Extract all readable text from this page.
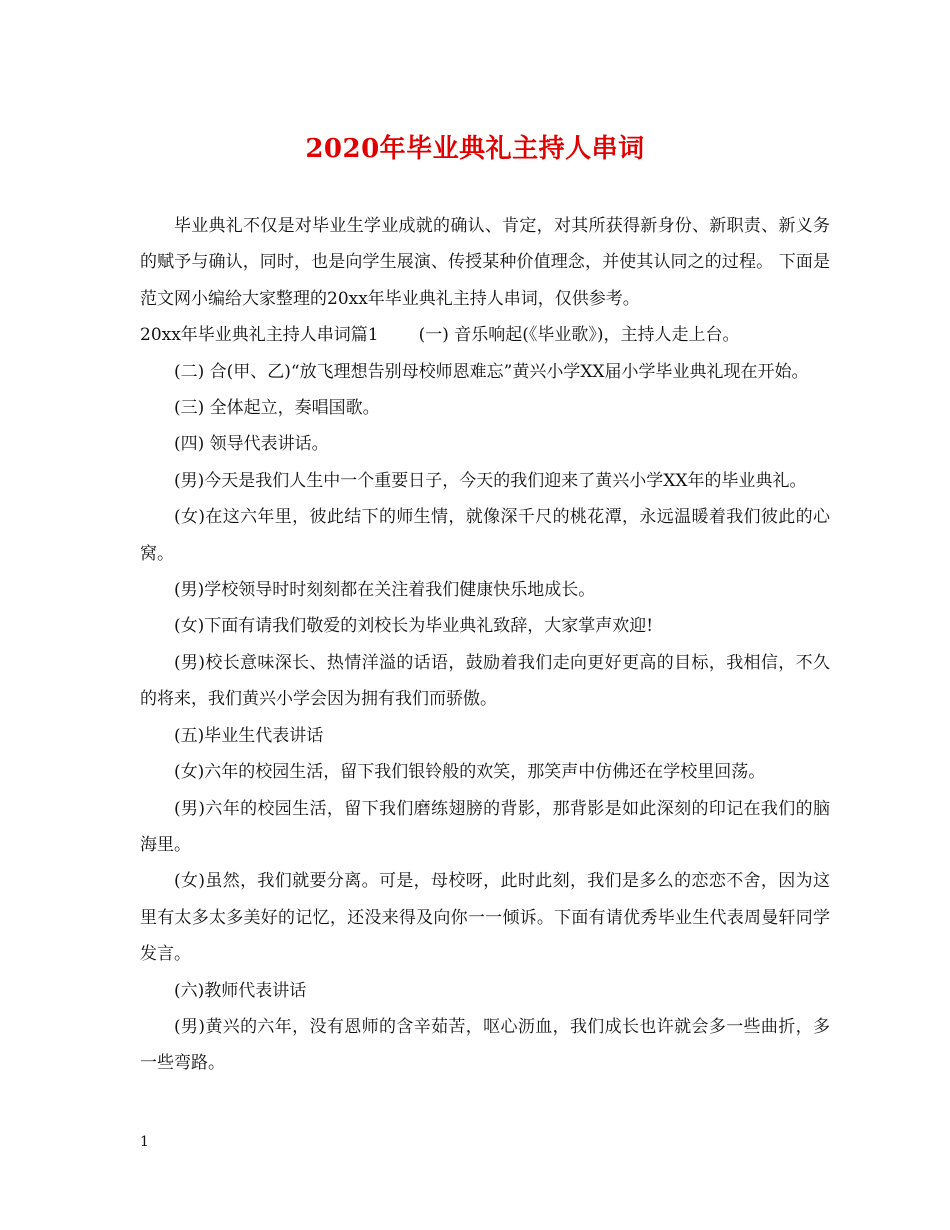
2020年毕业典礼主持人串词

毕业典礼不仅是对毕业生学业成就的确认、肯定，对其所获得新身份、新职责、新义务的赋予与确认，同时，也是向学生展演、传授某种价值理念，并使其认同之的过程。 下面是范文网小编给大家整理的20xx年毕业典礼主持人串词，仅供参考。

20xx年毕业典礼主持人串词篇1 (一) 音乐响起(《毕业歌》)，主持人走上台。

(二) 合(甲、乙)“放飞理想告别母校师恩难忘”黄兴小学XX届小学毕业典礼现在开始。

(三) 全体起立，奏唱国歌。

(四) 领导代表讲话。

(男)今天是我们人生中一个重要日子，今天的我们迎来了黄兴小学XX年的毕业典礼。

(女)在这六年里，彼此结下的师生情，就像深千尺的桃花潭，永远温暖着我们彼此的心窝。

(男)学校领导时时刻刻都在关注着我们健康快乐地成长。

(女)下面有请我们敬爱的刘校长为毕业典礼致辞，大家掌声欢迎!

(男)校长意味深长、热情洋溢的话语，鼓励着我们走向更好更高的目标，我相信，不久的将来，我们黄兴小学会因为拥有我们而骄傲。

(五)毕业生代表讲话

(女)六年的校园生活，留下我们银铃般的欢笑，那笑声中仿佛还在学校里回荡。

(男)六年的校园生活，留下我们磨练翅膀的背影，那背影是如此深刻的印记在我们的脑海里。

(女)虽然，我们就要分离。可是，母校呀，此时此刻，我们是多么的恋恋不舍，因为这里有太多太多美好的记忆，还没来得及向你一一倾诉。下面有请优秀毕业生代表周曼轩同学发言。

(六)教师代表讲话

(男)黄兴的六年，没有恩师的含辛茹苦，呕心沥血，我们成长也许就会多一些曲折，多一些弯路。

1
